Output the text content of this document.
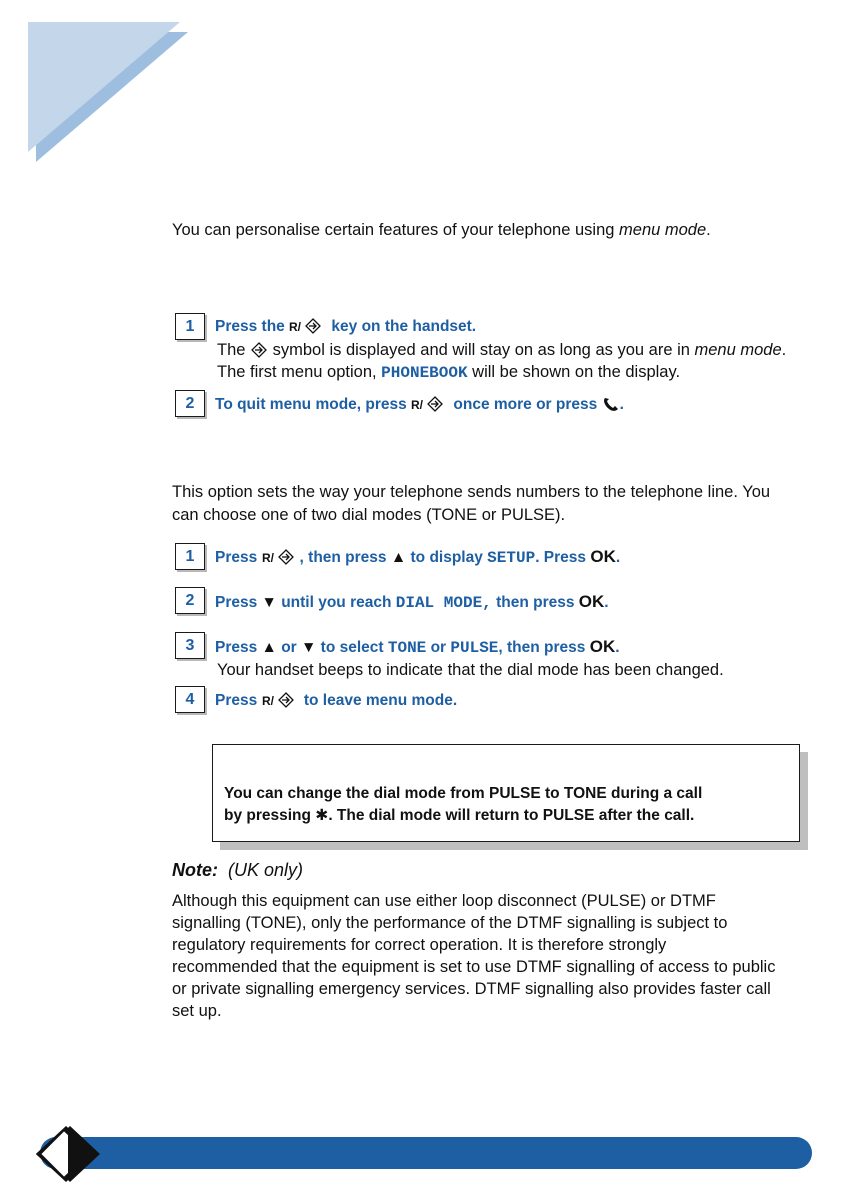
You can personalise certain features of your telephone using menu mode.
1	Press the R/ key on the handset.
The  symbol is displayed and will stay on as long as you are in menu mode.
The first menu option, PHONEBOOK will be shown on the display.
2	To quit menu mode, press R/ once more or press .
This option sets the way your telephone sends numbers to the telephone line. You
can choose one of two dial modes (TONE or PULSE).
1	Press R/ , then press ▲ to display SETUP. Press OK.
2	Press ▼ until you reach DIAL MODE, then press OK.
3	Press ▲ or ▼ to select TONE or PULSE, then press OK.
Your handset beeps to indicate that the dial mode has been changed.
4	Press R/ to leave menu mode.
You can change the dial mode from PULSE to TONE during a call
by pressing ✱. The dial mode will return to PULSE after the call.
Note: (UK only)
Although this equipment can use either loop disconnect (PULSE) or DTMF
signalling (TONE), only the performance of the DTMF signalling is subject to
regulatory requirements for correct operation. It is therefore strongly
recommended that the equipment is set to use DTMF signalling of access to public
or private signalling emergency services. DTMF signalling also provides faster call
set up.
